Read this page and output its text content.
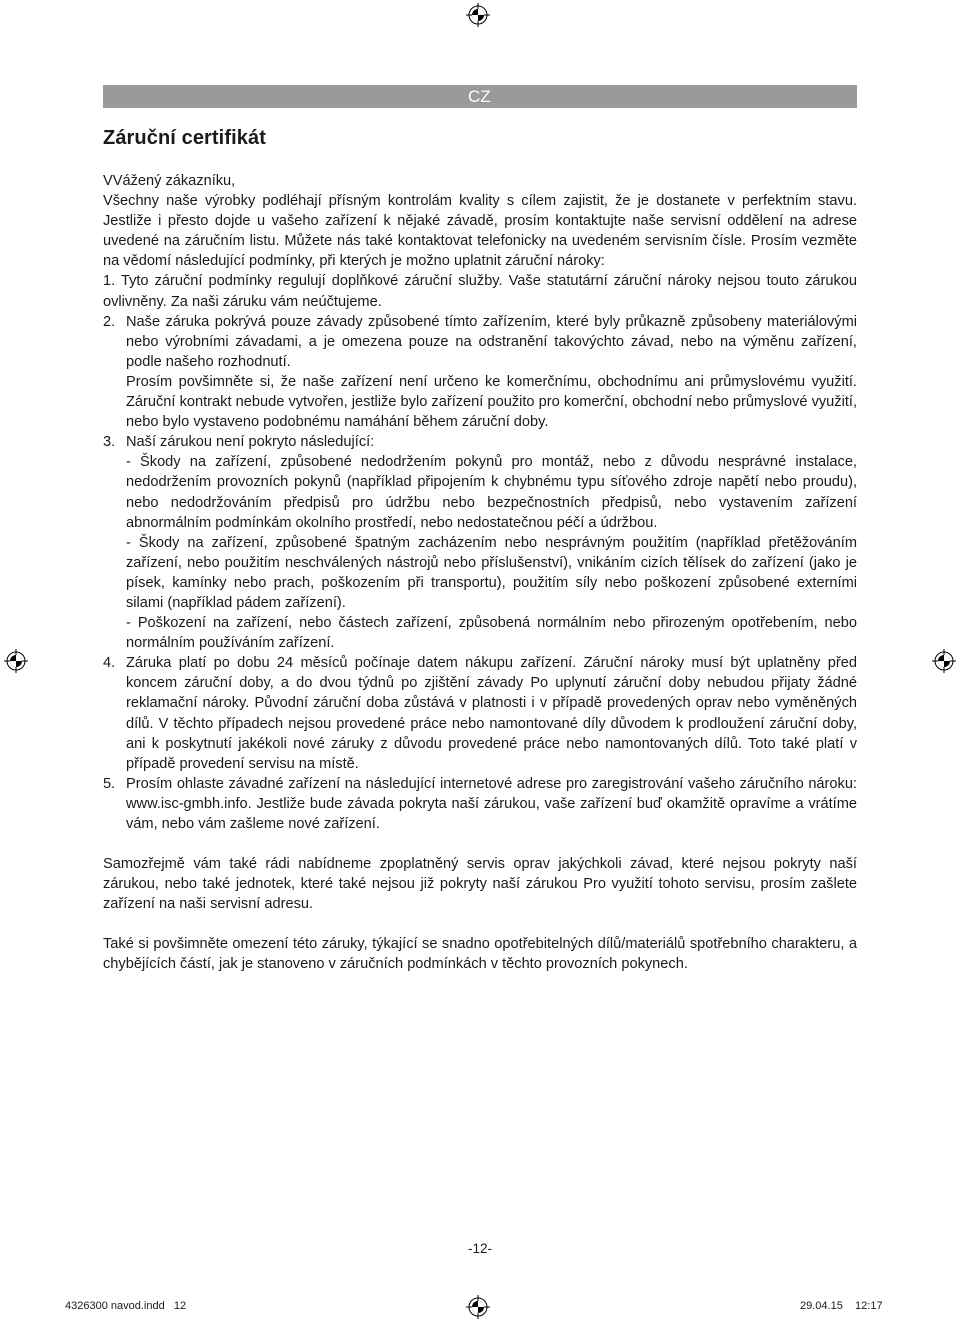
CZ
Záruční certifikát

VVážený zákazníku,

Všechny naše výrobky podléhají přísným kontrolám kvality s cílem zajistit, že je dostanete v perfektním stavu. Jestliže i přesto dojde u vašeho zařízení k nějaké závadě, prosím kontaktujte naše servisní oddělení na adrese uvedené na záručním listu. Můžete nás také kontaktovat telefonicky na uvedeném servisním čísle. Prosím vezměte na vědomí následující podmínky, při kterých je možno uplatnit záruční nároky:

1. Tyto záruční podmínky regulují doplňkové záruční služby. Vaše statutární záruční nároky nejsou touto zárukou ovlivněny. Za naši záruku vám neúčtujeme.
2. Naše záruka pokrývá pouze závady způsobené tímto zařízením, které byly průkazně způsobeny materiálovými nebo výrobními závadami, a je omezena pouze na odstranění takovýchto závad, nebo na výměnu zařízení, podle našeho rozhodnutí.

Prosím povšimněte si, že naše zařízení není určeno ke komerčnímu, obchodnímu ani průmyslovému využití. Záruční kontrakt nebude vytvořen, jestliže bylo zařízení použito pro komerční, obchodní nebo průmyslové využití, nebo bylo vystaveno podobnému namáhání během záruční doby.

3. Naší zárukou není pokryto následující:

- Škody na zařízení, způsobené nedodržením pokynů pro montáž, nebo z důvodu nesprávné instalace, nedodržením provozních pokynů (například připojením k chybnému typu síťového zdroje napětí nebo proudu), nebo nedodržováním předpisů pro údržbu nebo bezpečnostních předpisů, nebo vystavením zařízení abnormálním podmínkám okolního prostředí, nebo nedostatečnou péčí a údržbou.

- Škody na zařízení, způsobené špatným zacházením nebo nesprávným použitím (například přetěžováním zařízení, nebo použitím neschválených nástrojů nebo příslušenství), vnikáním cizích tělísek do zařízení (jako je písek, kamínky nebo prach, poškozením při transportu), použitím síly nebo poškození způsobené externími silami (například pádem zařízení).

- Poškození na zařízení, nebo částech zařízení, způsobená normálním nebo přirozeným opotřebením, nebo normálním používáním zařízení.

4. Záruka platí po dobu 24 měsíců počínaje datem nákupu zařízení. Záruční nároky musí být uplatněny před koncem záruční doby, a do dvou týdnů po zjištění závady Po uplynutí záruční doby nebudou přijaty žádné reklamační nároky. Původní záruční doba zůstává v platnosti i v případě provedených oprav nebo vyměněných dílů. V těchto případech nejsou provedené práce nebo namontované díly důvodem k prodloužení záruční doby, ani k poskytnutí jakékoli nové záruky z důvodu provedené práce nebo namontovaných dílů. Toto také platí v případě provedení servisu na místě.

5. Prosím ohlaste závadné zařízení na následující internetové adrese pro zaregistrování vašeho záručního nároku: www.isc-gmbh.info. Jestliže bude závada pokryta naší zárukou, vaše zařízení buď okamžitě opravíme a vrátíme vám, nebo vám zašleme nové zařízení.

Samozřejmě vám také rádi nabídneme zpoplatněný servis oprav jakýchkoli závad, které nejsou pokryty naší zárukou, nebo také jednotek, které také nejsou již pokryty naší zárukou Pro využití tohoto servisu, prosím zašlete zařízení na naši servisní adresu.

Také si povšimněte omezení této záruky, týkající se snadno opotřebitelných dílů/materiálů spotřebního charakteru, a chybějících částí, jak je stanoveno v záručních podmínkách v těchto provozních pokynech.

-12-
4326300 navod.indd   12	29.04.15    12:17
